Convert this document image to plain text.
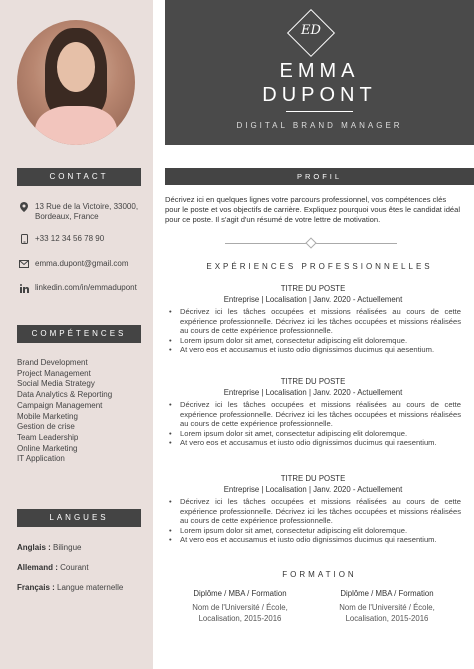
CONTACT
13 Rue de la Victoire, 33000,
Bordeaux, France
+33 12 34 56 78 90
emma.dupont@gmail.com
linkedin.com/in/emmadupont
COMPÉTENCES
Brand Development
Project Management
Social Media Strategy
Data Analytics & Reporting
Campaign Management
Mobile Marketing
Gestion de crise
Team Leadership
Online Marketing
IT Application
LANGUES
Anglais : Bilingue
Allemand : Courant
Français : Langue maternelle
ED
EMMA
DUPONT
DIGITAL BRAND MANAGER
PROFIL

Décrivez ici en quelques lignes votre parcours professionnel, vos compétences clés pour le poste et vos objectifs de carrière. Expliquez pourquoi vous êtes le candidat idéal pour ce poste. Il s'agit d'un résumé de votre lettre de motivation.

EXPÉRIENCES PROFESSIONNELLES
TITRE DU POSTE
Entreprise | Localisation | Janv. 2020 - Actuellement
• Décrivez ici les tâches occupées et missions réalisées au cours de cette expérience professionnelle. Décrivez ici les tâches occupées et missions réalisées au cours de cette expérience professionnelle.
• Lorem ipsum dolor sit amet, consectetur adipiscing elit doloremque.
• At vero eos et accusamus et iusto odio dignissimos ducimus qui aesentium.
TITRE DU POSTE
Entreprise | Localisation | Janv. 2020 - Actuellement
• Décrivez ici les tâches occupées et missions réalisées au cours de cette expérience professionnelle. Décrivez ici les tâches occupées et missions réalisées au cours de cette expérience professionnelle.
• Lorem ipsum dolor sit amet, consectetur adipiscing elit doloremque.
• At vero eos et accusamus et iusto odio dignissimos ducimus qui raesentium.
TITRE DU POSTE
Entreprise | Localisation | Janv. 2020 - Actuellement
• Décrivez ici les tâches occupées et missions réalisées au cours de cette expérience professionnelle. Décrivez ici les tâches occupées et missions réalisées au cours de cette expérience professionnelle.
• Lorem ipsum dolor sit amet, consectetur adipiscing elit doloremque.
• At vero eos et accusamus et iusto odio dignissimos ducimus qui raesentium.
FORMATION
Diplôme / MBA / Formation
Nom de l'Université / École,
Localisation, 2015-2016
Diplôme / MBA / Formation
Nom de l'Université / École,
Localisation, 2015-2016
